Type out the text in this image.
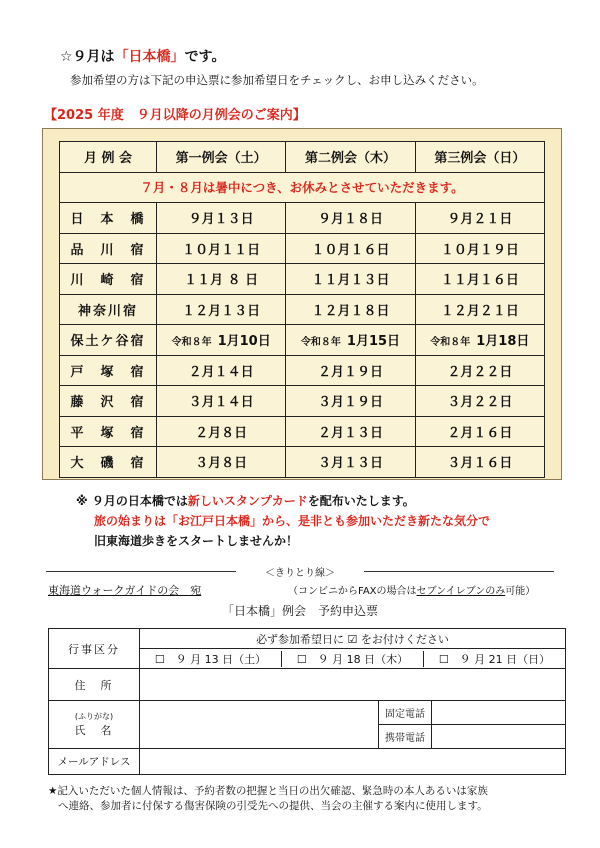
☆９月は「日本橋」です。
参加希望の方は下記の申込票に参加希望日をチェックし、お申し込みください。
【2025 年度　９月以降の月例会のご案内】
月 例 会	第一例会（土）	第二例会（木）	第三例会（日）
７月・８月は暑中につき、お休みとさせていただきます。			
日　本　橋	９月１３日	９月１８日	９月２１日
品　川　宿	１０月１１日	１０月１６日	１０月１９日
川　崎　宿	１１月 ８ 日	１１月１３日	１１月１６日
神奈川宿	１２月１３日	１２月１８日	１２月２１日
保土ケ谷宿	令和８年 1月10日	令和８年 1月15日	令和８年 1月18日
戸　塚　宿	２月１４日	２月１９日	２月２２日
藤　沢　宿	３月１４日	３月１９日	３月２２日
平　塚　宿	２月８日	２月１３日	２月１６日
大　磯　宿	３月８日	３月１３日	３月１６日
※ ９月の日本橋では新しいスタンプカードを配布いたします。
旅の始まりは「お江戸日本橋」から、是非とも参加いただき新たな気分で
旧東海道歩きをスタートしませんか！
＜きりとり線＞
東海道ウォークガイドの会　宛	（コンビニからFAXの場合はセブンイレブンのみ可能）
「日本橋」例会　予約申込票
行事区分	必ず参加希望日に ☑ をお付けください		

	☐　９ 月 13 日（土） ☐　９ 月 18 日（木） ☐　９ 月 21 日（日）		

住　所			

(ふりがな)
氏　名		固定電話	
		携帯電話	
メールアドレス			
★記入いただいた個人情報は、予約者数の把握と当日の出欠確認、緊急時の本人あるいは家族
へ連絡、参加者に付保する傷害保険の引受先への提供、当会の主催する案内に使用します。
